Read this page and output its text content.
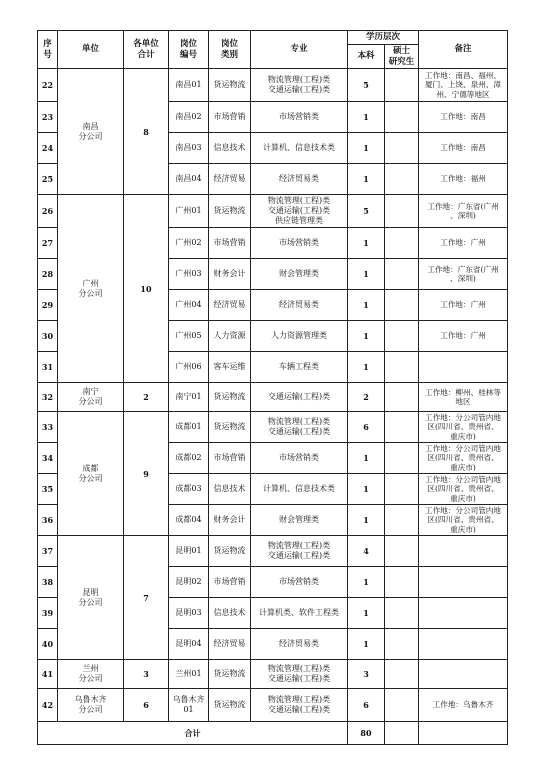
序
号	单位	各单位
合计	岗位
编号	岗位
类别	专业	学历层次		备注
						本科	硕士
研究生	
22	南昌
分公司	8	南昌01	货运物流	物流管理(工程)类
交通运输(工程)类	5		工作地：南昌、福州、
厦门、上饶、泉州、漳
州、宁德等地区
23			南昌02	市场营销	市场营销类	1		工作地：南昌
24			南昌03	信息技术	计算机、信息技术类	1		工作地：南昌
25			南昌04	经济贸易	经济贸易类	1		工作地：福州
26	广州
分公司	10	广州01	货运物流	物流管理(工程)类
交通运输(工程)类
供应链管理类	5		工作地：广东省(广州
、深圳)
27			广州02	市场营销	市场营销类	1		工作地：广州
28			广州03	财务会计	财会管理类	1		工作地：广东省(广州
、深圳)
29			广州04	经济贸易	经济贸易类	1		工作地：广州
30			广州05	人力资源	人力资源管理类	1		工作地：广州
31			广州06	客车运维	车辆工程类	1		
32	南宁
分公司	2	南宁01	货运物流	交通运输(工程)类	2		工作地：柳州、桂林等
地区
33	成都
分公司	9	成都01	货运物流	物流管理(工程)类
交通运输(工程)类	6		工作地：分公司管内地
区(四川省、贵州省、
重庆市)
34			成都02	市场营销	市场营销类	1		工作地：分公司管内地
区(四川省、贵州省、
重庆市)
35			成都03	信息技术	计算机、信息技术类	1		工作地：分公司管内地
区(四川省、贵州省、
重庆市)
36			成都04	财务会计	财会管理类	1		工作地：分公司管内地
区(四川省、贵州省、
重庆市)
37	昆明
分公司	7	昆明01	货运物流	物流管理(工程)类
交通运输(工程)类	4		
38			昆明02	市场营销	市场营销类	1		
39			昆明03	信息技术	计算机类、软件工程类	1		
40			昆明04	经济贸易	经济贸易类	1		
41	兰州
分公司	3	兰州01	货运物流	物流管理(工程)类
交通运输(工程)类	3		
42	乌鲁木齐
分公司	6	乌鲁木齐
01	货运物流	物流管理(工程)类
交通运输(工程)类	6		工作地：乌鲁木齐
合计						80		
